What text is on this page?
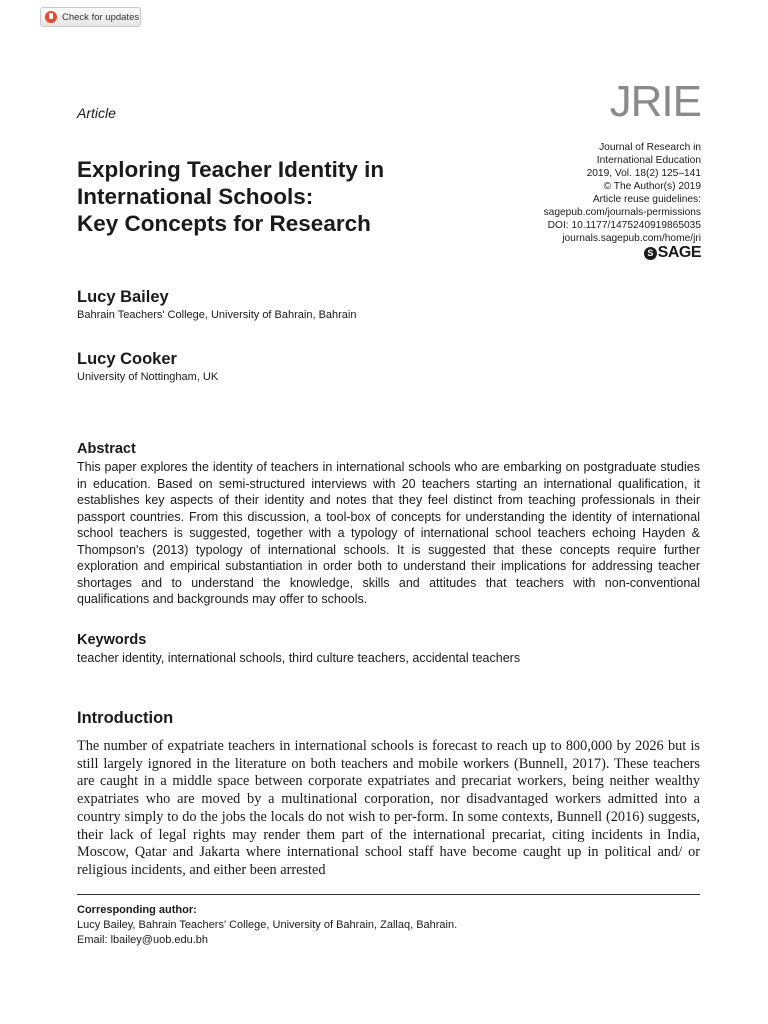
Check for updates
Article	JRIE
Journal of Research in
International Education
2019, Vol. 18(2) 125–141
© The Author(s) 2019
Article reuse guidelines:
sagepub.com/journals-permissions
DOI: 10.1177/1475240919865035
journals.sagepub.com/home/jri
S SAGE
Exploring Teacher Identity in
International Schools:
Key Concepts for Research
Lucy Bailey
Bahrain Teachers' College, University of Bahrain, Bahrain
Lucy Cooker
University of Nottingham, UK
Abstract

This paper explores the identity of teachers in international schools who are embarking on postgraduate studies in education. Based on semi-structured interviews with 20 teachers starting an international qualification, it establishes key aspects of their identity and notes that they feel distinct from teaching professionals in their passport countries. From this discussion, a tool-box of concepts for understanding the identity of international school teachers is suggested, together with a typology of international school teachers echoing Hayden & Thompson's (2013) typology of international schools. It is suggested that these concepts require further exploration and empirical substantiation in order both to understand their implications for addressing teacher shortages and to understand the knowledge, skills and attitudes that teachers with non-conventional qualifications and backgrounds may offer to schools.

Keywords
teacher identity, international schools, third culture teachers, accidental teachers
Introduction

The number of expatriate teachers in international schools is forecast to reach up to 800,000 by 2026 but is still largely ignored in the literature on both teachers and mobile workers (Bunnell, 2017). These teachers are caught in a middle space between corporate expatriates and precariat workers, being neither wealthy expatriates who are moved by a multinational corporation, nor disadvantaged workers admitted into a country simply to do the jobs the locals do not wish to per-form. In some contexts, Bunnell (2016) suggests, their lack of legal rights may render them part of the international precariat, citing incidents in India, Moscow, Qatar and Jakarta where international school staff have become caught up in political and/ or religious incidents, and either been arrested

Corresponding author:
Lucy Bailey, Bahrain Teachers' College, University of Bahrain, Zallaq, Bahrain.
Email: lbailey@uob.edu.bh
